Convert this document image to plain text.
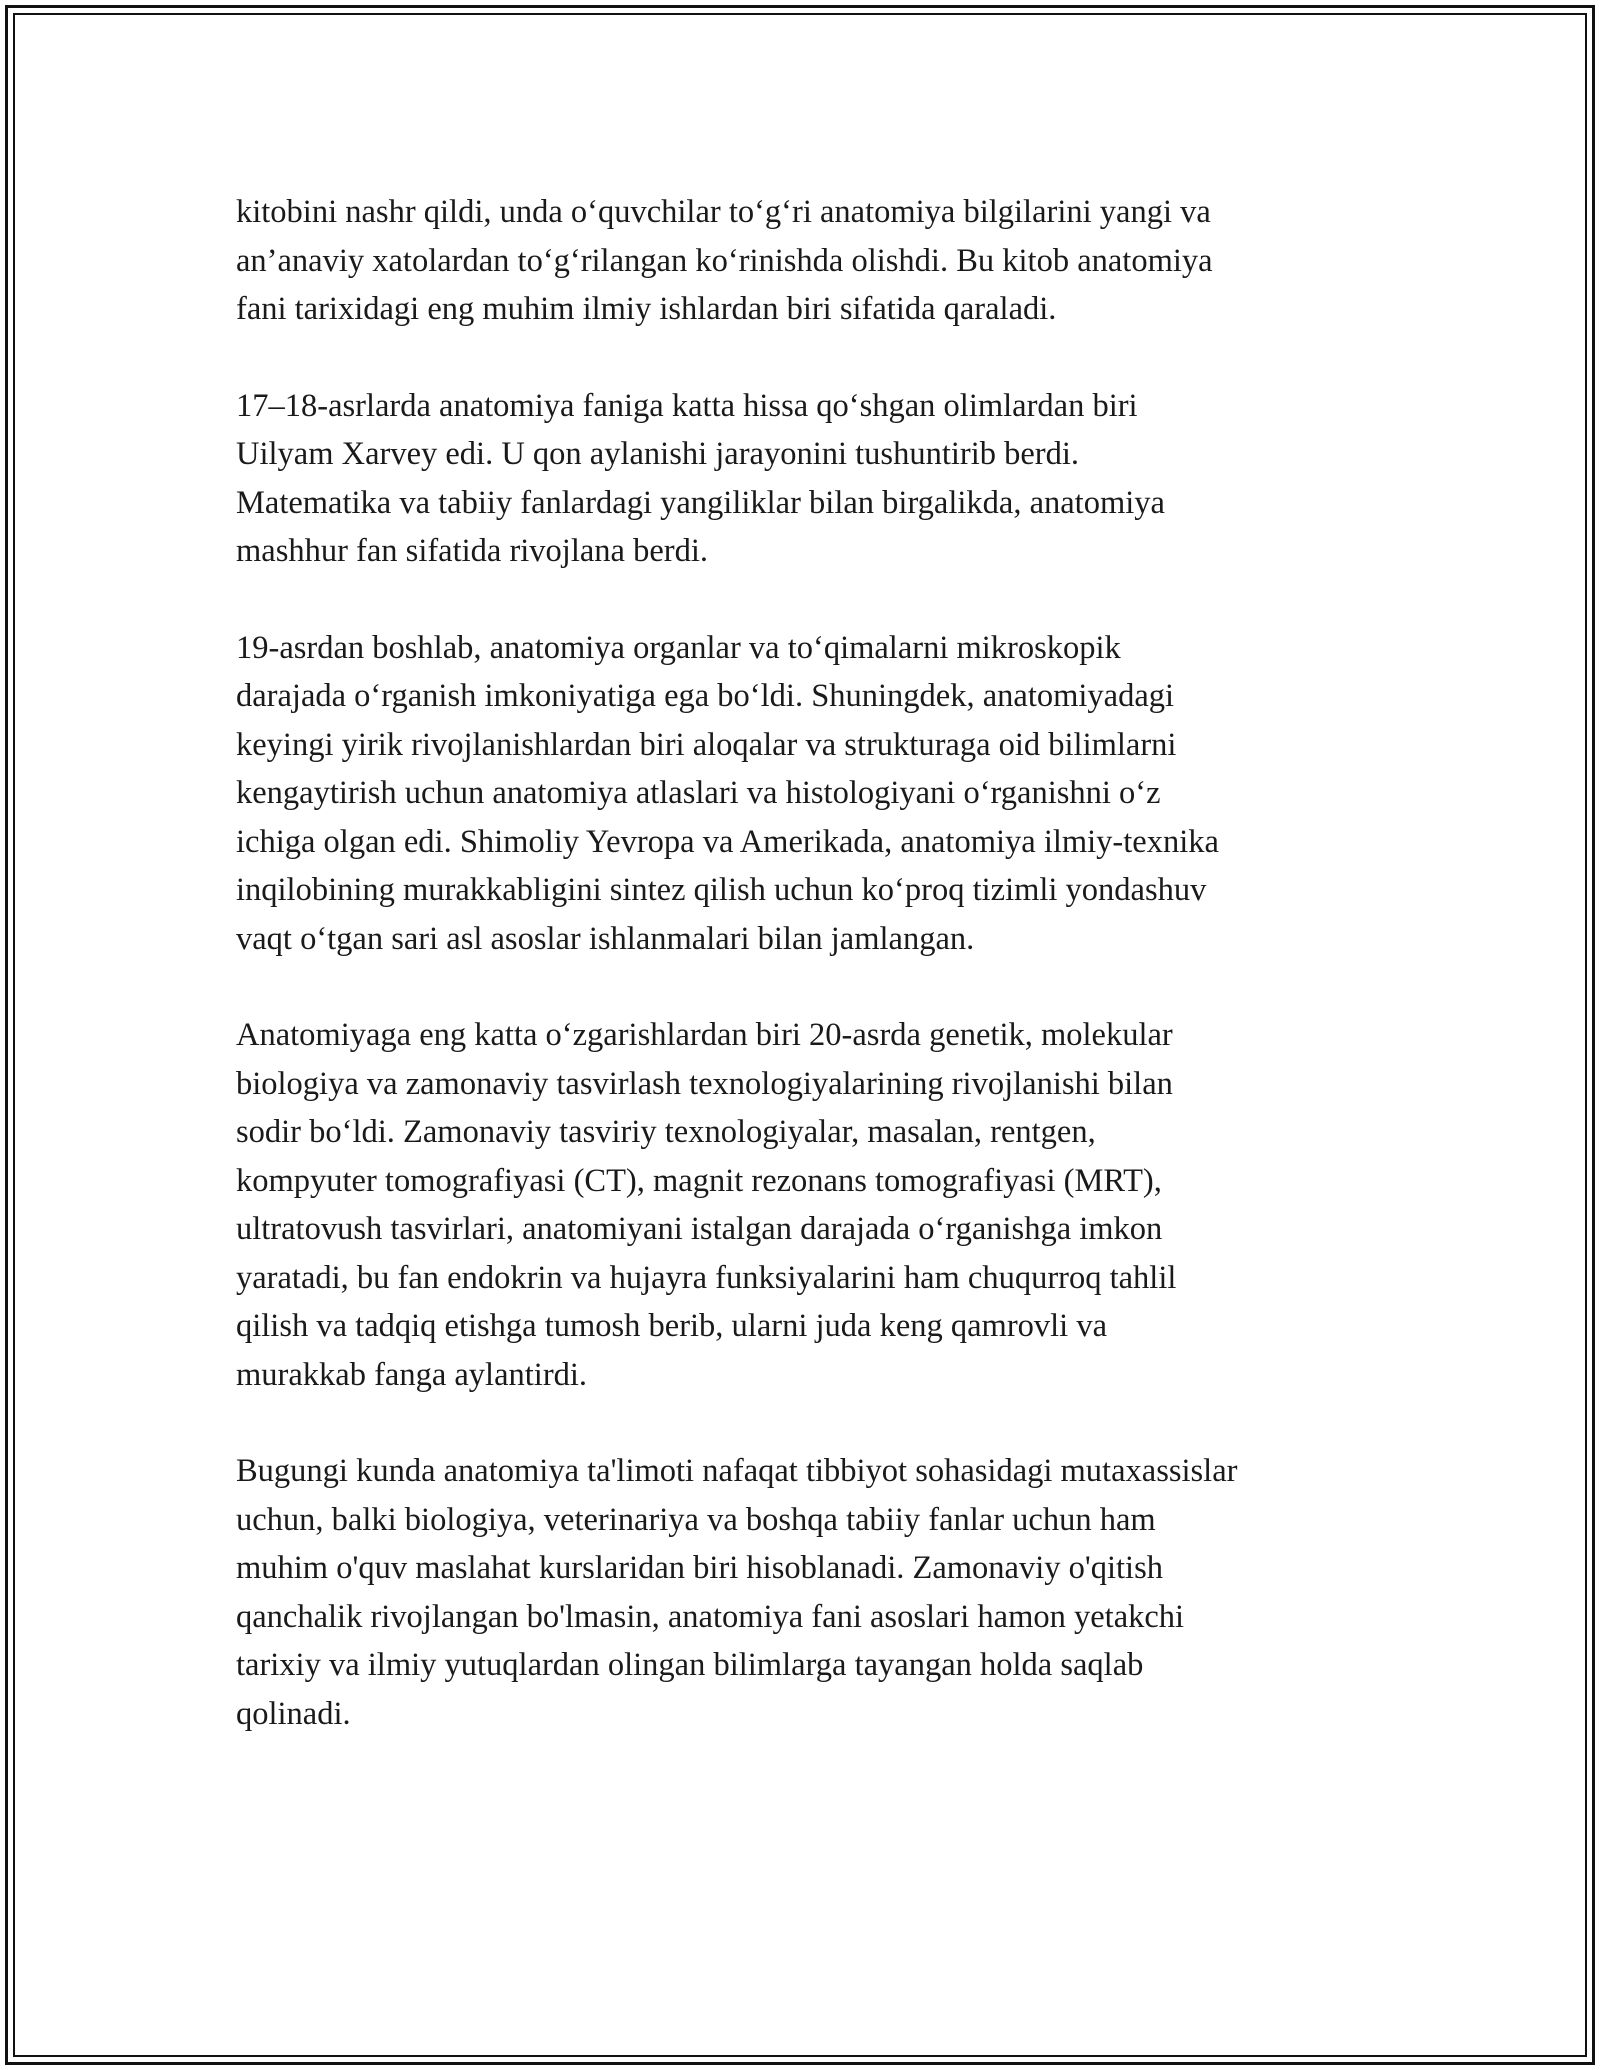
kitobini nashr qildi, unda o‘quvchilar to‘g‘ri anatomiya bilgilarini yangi va
an’anaviy xatolardan to‘g‘rilangan ko‘rinishda olishdi. Bu kitob anatomiya
fani tarixidagi eng muhim ilmiy ishlardan biri sifatida qaraladi.

17–18-asrlarda anatomiya faniga katta hissa qo‘shgan olimlardan biri
Uilyam Xarvey edi. U qon aylanishi jarayonini tushuntirib berdi.
Matematika va tabiiy fanlardagi yangiliklar bilan birgalikda, anatomiya
mashhur fan sifatida rivojlana berdi.

19-asrdan boshlab, anatomiya organlar va to‘qimalarni mikroskopik
darajada o‘rganish imkoniyatiga ega bo‘ldi. Shuningdek, anatomiyadagi
keyingi yirik rivojlanishlardan biri aloqalar va strukturaga oid bilimlarni
kengaytirish uchun anatomiya atlaslari va histologiyani o‘rganishni o‘z
ichiga olgan edi. Shimoliy Yevropa va Amerikada, anatomiya ilmiy-texnika
inqilobining murakkabligini sintez qilish uchun ko‘proq tizimli yondashuv
vaqt o‘tgan sari asl asoslar ishlanmalari bilan jamlangan.

Anatomiyaga eng katta o‘zgarishlardan biri 20-asrda genetik, molekular
biologiya va zamonaviy tasvirlash texnologiyalarining rivojlanishi bilan
sodir bo‘ldi. Zamonaviy tasviriy texnologiyalar, masalan, rentgen,
kompyuter tomografiyasi (CT), magnit rezonans tomografiyasi (MRT),
ultratovush tasvirlari, anatomiyani istalgan darajada o‘rganishga imkon
yaratadi, bu fan endokrin va hujayra funksiyalarini ham chuqurroq tahlil
qilish va tadqiq etishga tumosh berib, ularni juda keng qamrovli va
murakkab fanga aylantirdi.

Bugungi kunda anatomiya ta'limoti nafaqat tibbiyot sohasidagi mutaxassislar
uchun, balki biologiya, veterinariya va boshqa tabiiy fanlar uchun ham
muhim o'quv maslahat kurslaridan biri hisoblanadi. Zamonaviy o'qitish
qanchalik rivojlangan bo'lmasin, anatomiya fani asoslari hamon yetakchi
tarixiy va ilmiy yutuqlardan olingan bilimlarga tayangan holda saqlab
qolinadi.
